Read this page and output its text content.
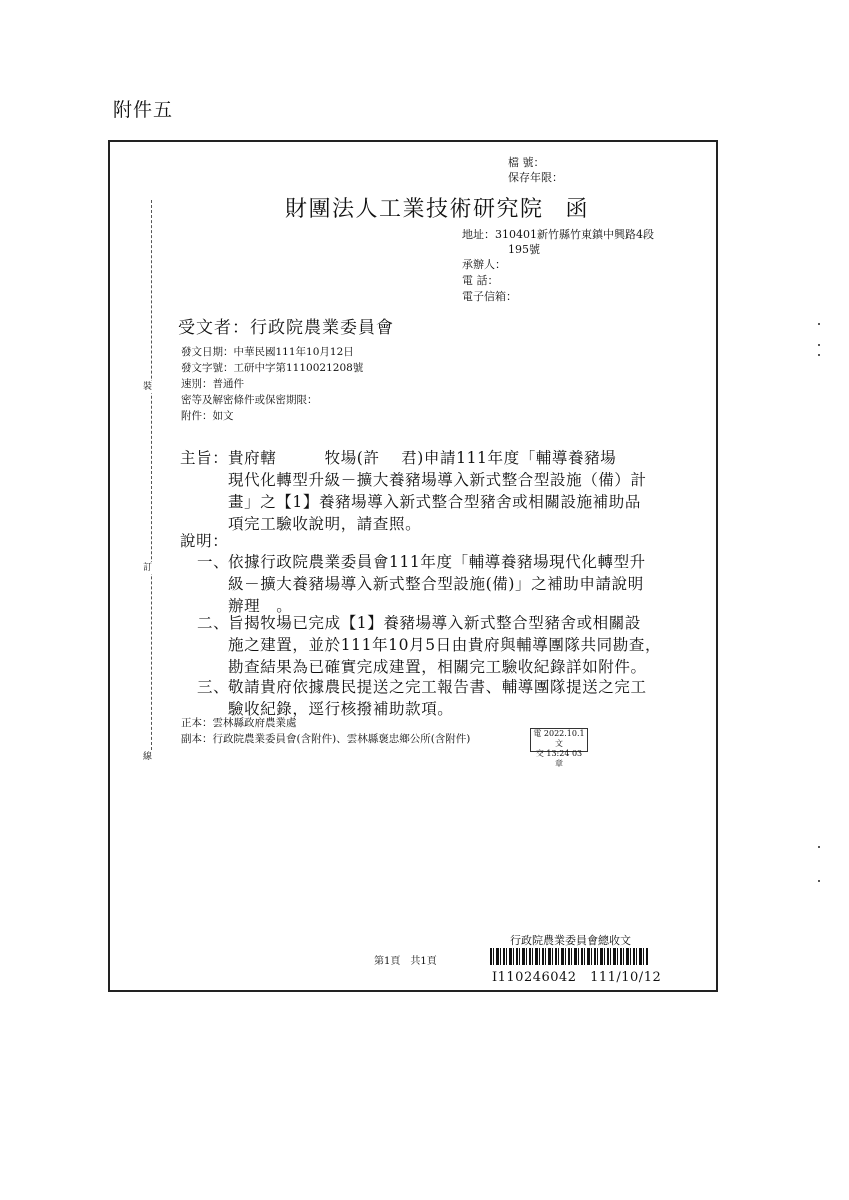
附件五
裝
訂
線
檔 號：
保存年限：
財團法人工業技術研究院 函
地址：310401新竹縣竹東鎮中興路4段
195號
承辦人：
電 話：
電子信箱：
受文者：行政院農業委員會
發文日期：中華民國111年10月12日
發文字號：工研中字第1110021208號
速別：普通件
密等及解密條件或保密期限：
附件：如文
主旨： 貴府轄　　　牧場(許　 君)申請111年度「輔導養豬場
現代化轉型升級－擴大養豬場導入新式整合型設施（備）計
畫」之【1】養豬場導入新式整合型豬舍或相關設施補助品
項完工驗收說明，請查照。
說明：
一、
依據行政院農業委員會111年度「輔導養豬場現代化轉型升
級－擴大養豬場導入新式整合型設施(備)」之補助申請說明
辦理　。
二、
旨揭牧場已完成【1】養豬場導入新式整合型豬舍或相關設
施之建置，並於111年10月5日由貴府與輔導團隊共同勘查，
勘查結果為已確實完成建置，相關完工驗收紀錄詳如附件。
三、
敬請貴府依據農民提送之完工報告書、輔導團隊提送之完工
驗收紀錄，逕行核撥補助款項。
正本：雲林縣政府農業處
副本：行政院農業委員會(含附件)、雲林縣褒忠鄉公所(含附件)	電 2022.10.1 文
交 13:24 03 章
第1頁　共1頁
行政院農業委員會總收文
I110246042　111/10/12
